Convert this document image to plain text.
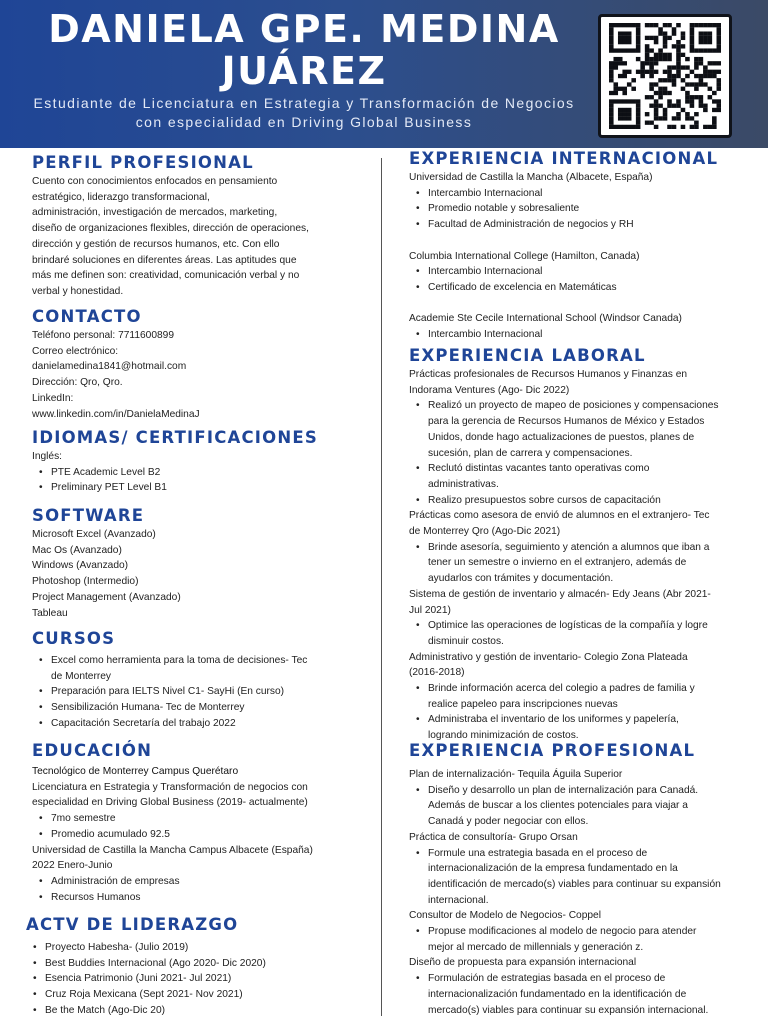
DANIELA GPE. MEDINA JUÁREZ

Estudiante de Licenciatura en Estrategia y Transformación de Negocios con especialidad en Driving Global Business

PERFIL PROFESIONAL
Cuento con conocimientos enfocados en pensamiento
estratégico, liderazgo transformacional,
administración, investigación de mercados, marketing,
diseño de organizaciones flexibles, dirección de operaciones,
dirección y gestión de recursos humanos, etc. Con ello
brindaré soluciones en diferentes áreas. Las aptitudes que
más me definen son: creatividad, comunicación verbal y no
verbal y honestidad.
CONTACTO
Teléfono personal: 7711600899
Correo electrónico:
danielamedina1841@hotmail.com
Dirección: Qro, Qro.
LinkedIn:
www.linkedin.com/in/DanielaMedinaJ
IDIOMAS/ CERTIFICACIONES
Inglés:
• PTE Academic Level B2
• Preliminary PET Level B1
SOFTWARE
Microsoft Excel (Avanzado)
Mac Os (Avanzado)
Windows (Avanzado)
Photoshop (Intermedio)
Project Management (Avanzado)
Tableau
CURSOS
• Excel como herramienta para la toma de decisiones- Tec
de Monterrey
• Preparación para IELTS Nivel C1- SayHi (En curso)
• Sensibilización Humana- Tec de Monterrey
• Capacitación Secretaría del trabajo 2022
EDUCACIÓN
Tecnológico de Monterrey Campus Querétaro
Licenciatura en Estrategia y Transformación de negocios con
especialidad en Driving Global Business (2019- actualmente)
• 7mo semestre
• Promedio acumulado 92.5
Universidad de Castilla la Mancha Campus Albacete (España)
2022 Enero-Junio
• Administración de empresas
• Recursos Humanos
ACTV DE LIDERAZGO
• Proyecto Habesha- (Julio 2019)
• Best Buddies Internacional (Ago 2020- Dic 2020)
• Esencia Patrimonio (Juni 2021- Jul 2021)
• Cruz Roja Mexicana (Sept 2021- Nov 2021)
• Be the Match (Ago-Dic 20)
EXPERIENCIA INTERNACIONAL
Universidad de Castilla la Mancha (Albacete, España)
• Intercambio Internacional
• Promedio notable y sobresaliente
• Facultad de Administración de negocios y RH
Columbia International College (Hamilton, Canada)
• Intercambio Internacional
• Certificado de excelencia en Matemáticas
Academie Ste Cecile International School (Windsor Canada)
• Intercambio Internacional
EXPERIENCIA LABORAL
Prácticas profesionales de Recursos Humanos y Finanzas en
Indorama Ventures (Ago- Dic 2022)
• Realizó un proyecto de mapeo de posiciones y compensaciones
para la gerencia de Recursos Humanos de México y Estados
Unidos, donde hago actualizaciones de puestos, planes de
sucesión, plan de carrera y compensaciones.
• Reclutó distintas vacantes tanto operativas como
administrativas.
• Realizo presupuestos sobre cursos de capacitación
Prácticas como asesora de envió de alumnos en el extranjero- Tec
de Monterrey Qro (Ago-Dic 2021)
• Brinde asesoría, seguimiento y atención a alumnos que iban a
tener un semestre o invierno en el extranjero, además de
ayudarlos con trámites y documentación.
Sistema de gestión de inventario y almacén- Edy Jeans (Abr 2021-
Jul 2021)
• Optimice las operaciones de logísticas de la compañía y logre
disminuir costos.
Administrativo y gestión de inventario- Colegio Zona Plateada
(2016-2018)
• Brinde información acerca del colegio a padres de familia y
realice papeleo para inscripciones nuevas
• Administraba el inventario de los uniformes y papelería,
logrando minimización de costos.
EXPERIENCIA PROFESIONAL
Plan de internalización- Tequila Águila Superior
• Diseño y desarrollo un plan de internalización para Canadá.
Además de buscar a los clientes potenciales para viajar a
Canadá y poder negociar con ellos.
Práctica de consultoría- Grupo Orsan
• Formule una estrategia basada en el proceso de
internacionalización de la empresa fundamentado en la
identificación de mercado(s) viables para continuar su expansión
internacional.
Consultor de Modelo de Negocios- Coppel
• Propuse modificaciones al modelo de negocio para atender
mejor al mercado de millennials y generación z.
Diseño de propuesta para expansión internacional
• Formulación de estrategias basada en el proceso de
internacionalización fundamentado en la identificación de
mercado(s) viables para continuar su expansión internacional.
